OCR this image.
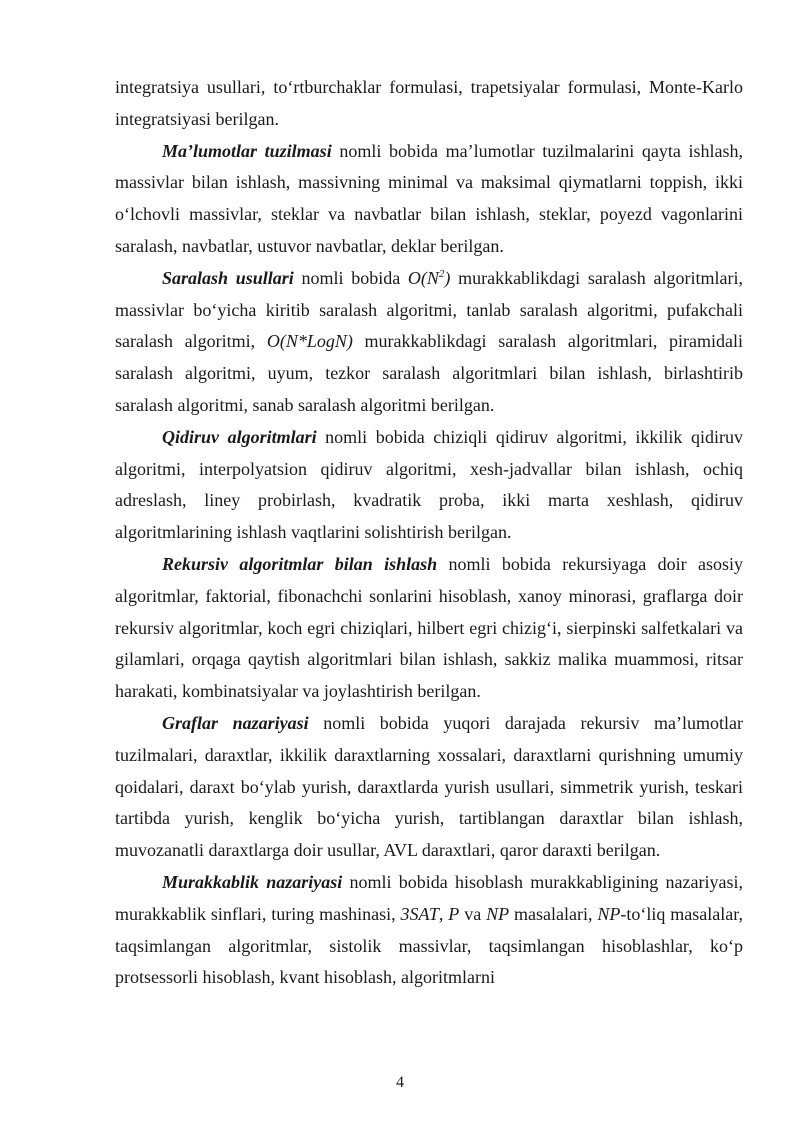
integratsiya usullari, to‘rtburchaklar formulasi, trapetsiyalar formulasi, Monte-Karlo integratsiyasi berilgan.

Ma’lumotlar tuzilmasi nomli bobida ma’lumotlar tuzilmalarini qayta ishlash, massivlar bilan ishlash, massivning minimal va maksimal qiymatlarni toppish, ikki o‘lchovli massivlar, steklar va navbatlar bilan ishlash, steklar, poyezd vagonlarini saralash, navbatlar, ustuvor navbatlar, deklar berilgan.

Saralash usullari nomli bobida $O(N^2)$ murakkablikdagi saralash algoritmlari, massivlar bo‘yicha kiritib saralash algoritmi, tanlab saralash algoritmi, pufakchali saralash algoritmi, O(N*LogN) murakkablikdagi saralash algoritmlari, piramidali saralash algoritmi, uyum, tezkor saralash algoritmlari bilan ishlash, birlashtirib saralash algoritmi, sanab saralash algoritmi berilgan.

Qidiruv algoritmlari nomli bobida chiziqli qidiruv algoritmi, ikkilik qidiruv algoritmi, interpolyatsion qidiruv algoritmi, xesh-jadvallar bilan ishlash, ochiq adreslash, liney probirlash, kvadratik proba, ikki marta xeshlash, qidiruv algoritmlarining ishlash vaqtlarini solishtirish berilgan.

Rekursiv algoritmlar bilan ishlash nomli bobida rekursiyaga doir asosiy algoritmlar, faktorial, fibonachchi sonlarini hisoblash, xanoy minorasi, graflarga doir rekursiv algoritmlar, koch egri chiziqlari, hilbert egri chizig‘i, sierpinski salfetkalari va gilamlari, orqaga qaytish algoritmlari bilan ishlash, sakkiz malika muammosi, ritsar harakati, kombinatsiyalar va joylashtirish berilgan.

Graflar nazariyasi nomli bobida yuqori darajada rekursiv ma’lumotlar tuzilmalari, daraxtlar, ikkilik daraxtlarning xossalari, daraxtlarni qurishning umumiy qoidalari, daraxt bo‘ylab yurish, daraxtlarda yurish usullari, simmetrik yurish, teskari tartibda yurish, kenglik bo‘yicha yurish, tartiblangan daraxtlar bilan ishlash, muvozanatli daraxtlarga doir usullar, AVL daraxtlari, qaror daraxti berilgan.

Murakkablik nazariyasi nomli bobida hisoblash murakkabligining nazariyasi, murakkablik sinflari, turing mashinasi, 3SAT, P va NP masalalari, NP-to‘liq masalalar, taqsimlangan algoritmlar, sistolik massivlar, taqsimlangan hisoblashlar, ko‘p protsessorli hisoblash, kvant hisoblash, algoritmlarni

4
